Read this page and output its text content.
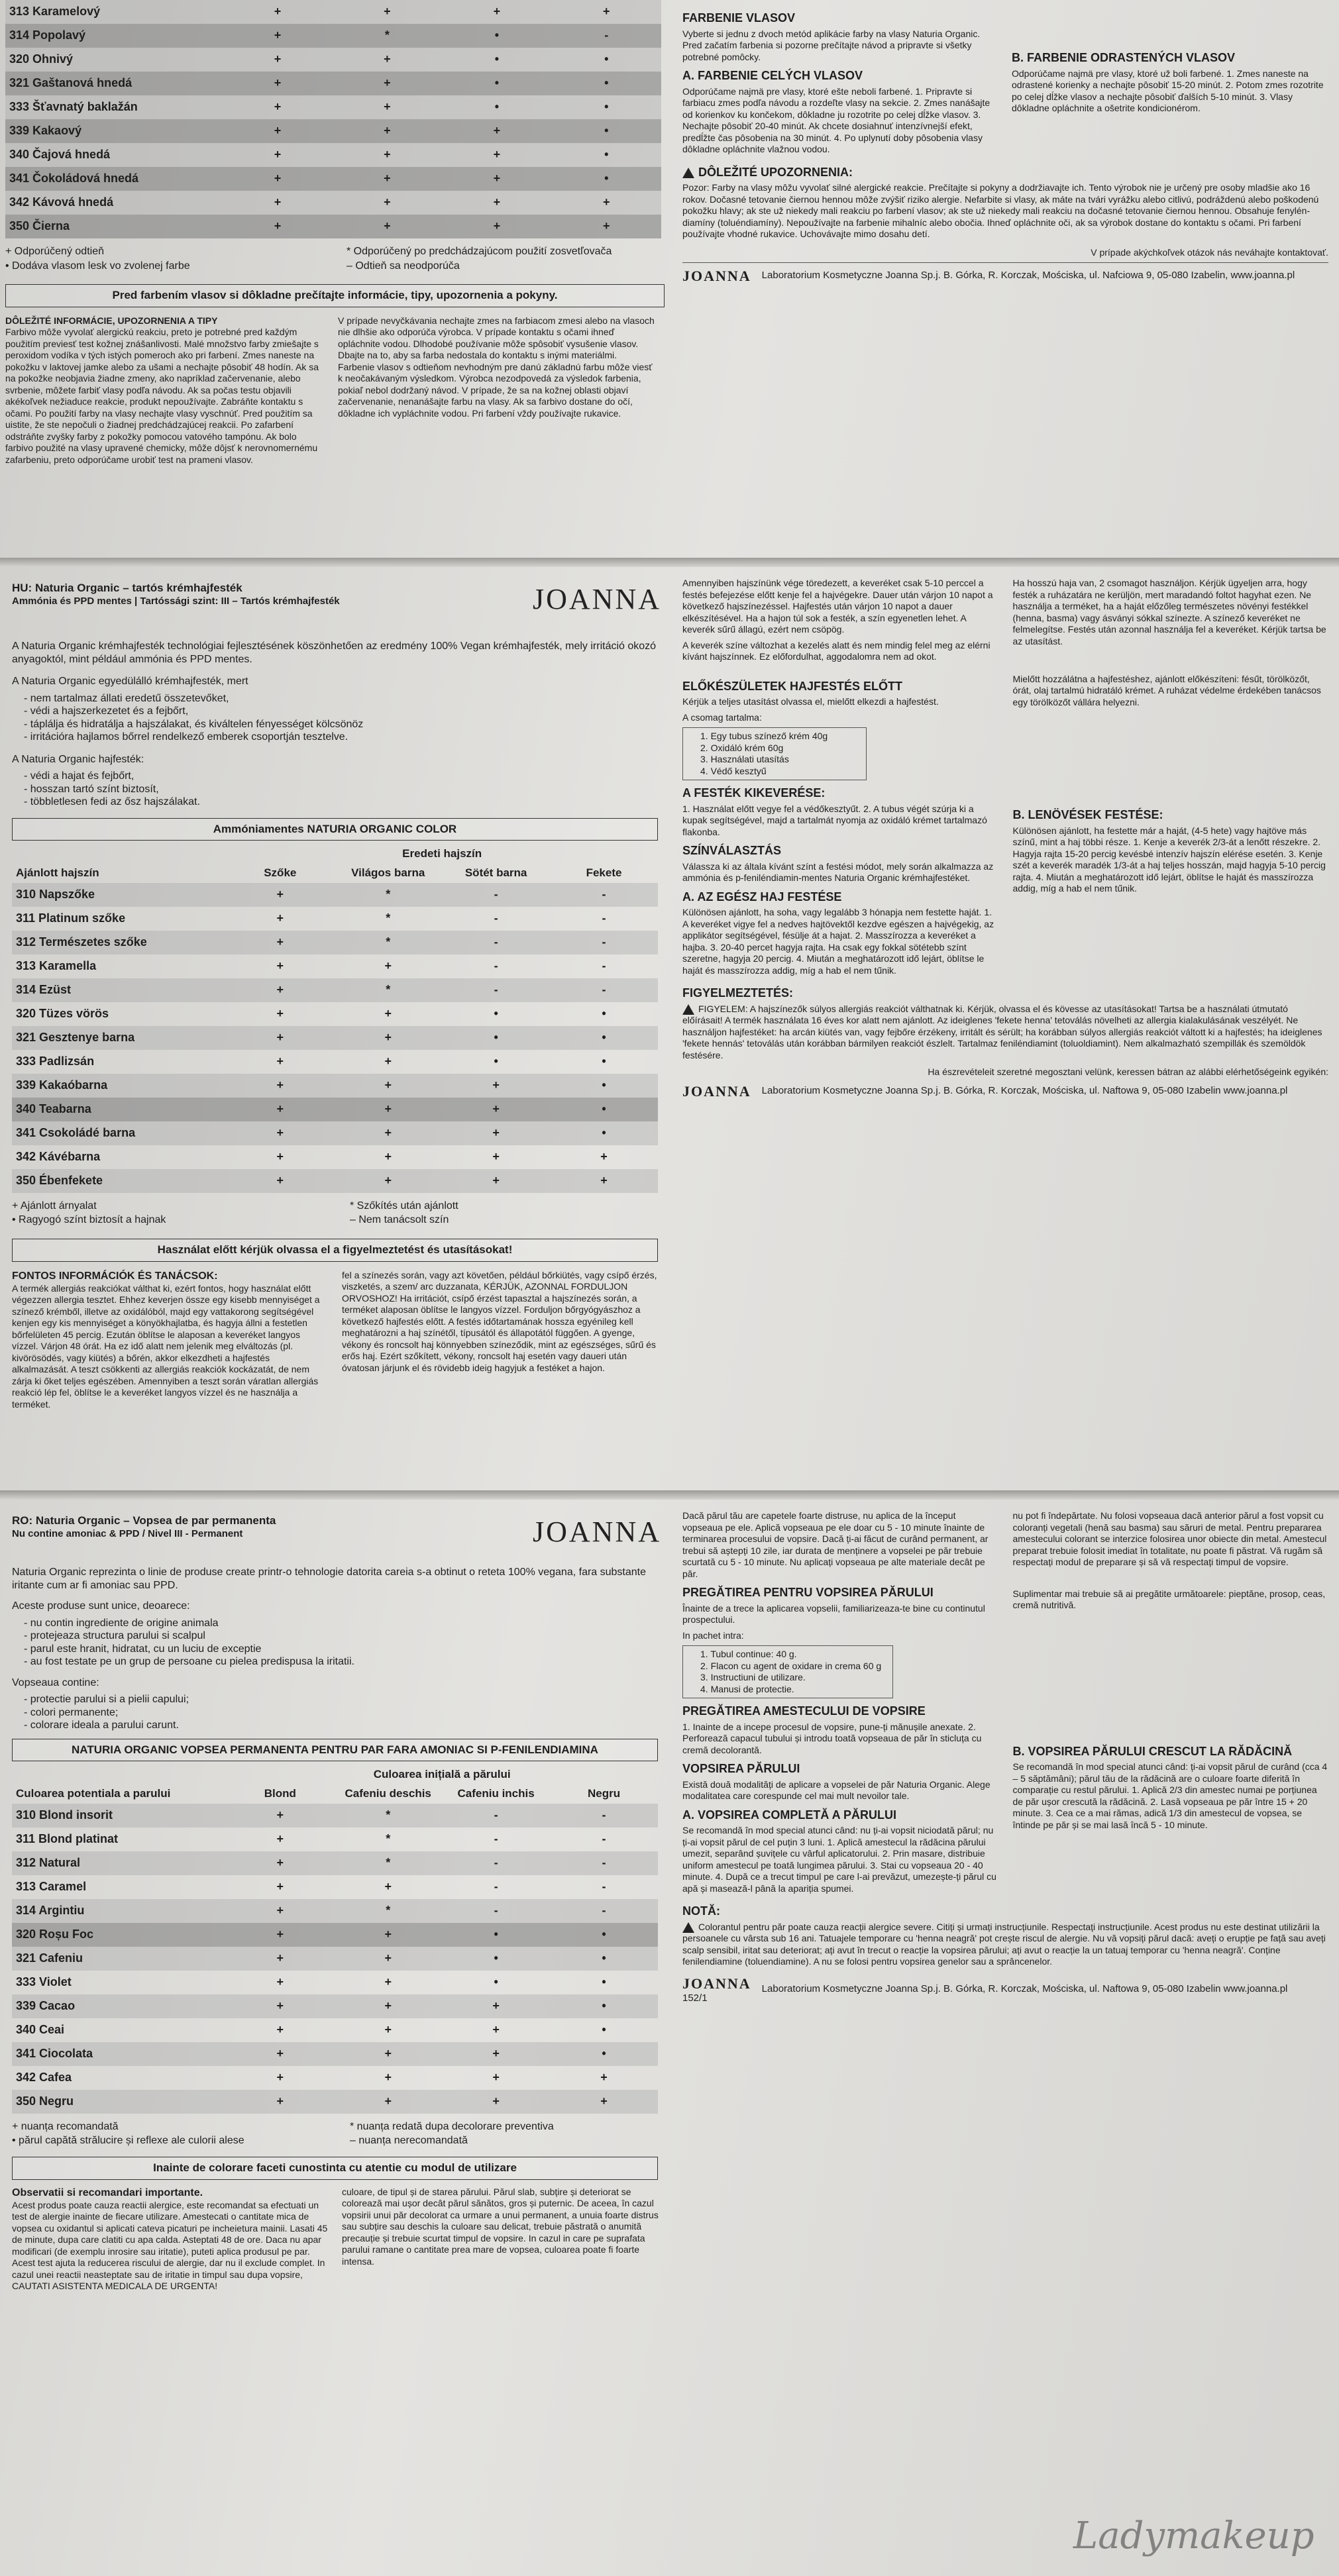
313 Karamelový	+	+	+	+
314 Popolavý	+	*	•	-
320 Ohnivý	+	+	•	•
321 Gaštanová hnedá	+	+	•	•
333 Šťavnatý baklažán	+	+	•	•
339 Kakaový	+	+	+	•
340 Čajová hnedá	+	+	+	•
341 Čokoládová hnedá	+	+	+	•
342 Kávová hnedá	+	+	+	+
350 Čierna	+	+	+	+
+ Odporúčený odtieň	* Odporúčený po predchádzajúcom použití zosvetľovača
• Dodáva vlasom lesk vo zvolenej farbe	– Odtieň sa neodporúča
Pred farbením vlasov si dôkladne prečítajte informácie, tipy, upozornenia a pokyny.
DÔLEŽITÉ INFORMÁCIE, UPOZORNENIA A TIPY
Farbivo môže vyvolať alergickú reakciu, preto je potrebné pred každým použitím previesť test kožnej znášanlivosti. Malé množstvo farby zmiešajte s peroxidom vodíka v tých istých pomeroch ako pri farbení. Zmes naneste na pokožku v laktovej jamke alebo za ušami a nechajte pôsobiť 48 hodín. Ak sa na pokožke neobjavia žiadne zmeny, ako napríklad začervenanie, alebo svrbenie, môžete farbiť vlasy podľa návodu. Ak sa počas testu objavili akékoľvek nežiaduce reakcie, produkt nepoužívajte. Zabráňte kontaktu s očami. Po použití farby na vlasy nechajte vlasy vyschnúť. Pred použitím sa uistite, že ste nepočuli o žiadnej predchádzajúcej reakcii. Po zafarbení odstráňte zvyšky farby z pokožky pomocou vatového tampónu. Ak bolo farbivo použité na vlasy upravené chemicky, môže dôjsť k nerovnomernému zafarbeniu, preto odporúčame urobiť test na prameni vlasov.
V prípade nevyčkávania nechajte zmes na farbiacom zmesi alebo na vlasoch nie dlhšie ako odporúča výrobca. V prípade kontaktu s očami ihneď opláchnite vodou. Dlhodobé používanie môže spôsobiť vysušenie vlasov. Dbajte na to, aby sa farba nedostala do kontaktu s inými materiálmi. Farbenie vlasov s odtieňom nevhodným pre danú základnú farbu môže viesť k neočakávaným výsledkom. Výrobca nezodpovedá za výsledok farbenia, pokiaľ nebol dodržaný návod. V prípade, že sa na kožnej oblasti objaví začervenanie, nenanášajte farbu na vlasy. Ak sa farbivo dostane do očí, dôkladne ich vypláchnite vodou. Pri farbení vždy používajte rukavice.
FARBENIE VLASOV
Vyberte si jednu z dvoch metód aplikácie farby na vlasy Naturia Organic. Pred začatím farbenia si pozorne prečítajte návod a pripravte si všetky potrebné pomôcky.
A. FARBENIE CELÝCH VLASOV
Odporúčame najmä pre vlasy, ktoré ešte neboli farbené. 1. Pripravte si farbiacu zmes podľa návodu a rozdeľte vlasy na sekcie. 2. Zmes nanášajte od korienkov ku končekom, dôkladne ju rozotrite po celej dĺžke vlasov. 3. Nechajte pôsobiť 20-40 minút. Ak chcete dosiahnuť intenzívnejší efekt, predĺžte čas pôsobenia na 30 minút. 4. Po uplynutí doby pôsobenia vlasy dôkladne opláchnite vlažnou vodou.
B. FARBENIE ODRASTENÝCH VLASOV
Odporúčame najmä pre vlasy, ktoré už boli farbené. 1. Zmes naneste na odrastené korienky a nechajte pôsobiť 15-20 minút. 2. Potom zmes rozotrite po celej dĺžke vlasov a nechajte pôsobiť ďalších 5-10 minút. 3. Vlasy dôkladne opláchnite a ošetrite kondicionérom.
DÔLEŽITÉ UPOZORNENIA:
Pozor: Farby na vlasy môžu vyvolať silné alergické reakcie. Prečítajte si pokyny a dodržiavajte ich. Tento výrobok nie je určený pre osoby mladšie ako 16 rokov. Dočasné tetovanie čiernou hennou môže zvýšiť riziko alergie. Nefarbite si vlasy, ak máte na tvári vyrážku alebo citlivú, podráždenú alebo poškodenú pokožku hlavy; ak ste už niekedy mali reakciu po farbení vlasov; ak ste už niekedy mali reakciu na dočasné tetovanie čiernou hennou. Obsahuje fenyléndiamíny (toluéndiamíny). Nepoužívajte na farbenie mihalníc alebo obočia. Ihneď opláchnite oči, ak sa výrobok dostane do kontaktu s očami. Pri farbení používajte vhodné rukavice. Uchovávajte mimo dosahu detí.
V prípade akýchkoľvek otázok nás neváhajte kontaktovať.
JOANNA Laboratorium Kosmetyczne Joanna Sp.j. B. Górka, R. Korczak, Mościska, ul. Nafciowa 9, 05-080 Izabelin, www.joanna.pl
HU: Naturia Organic – tartós krémhajfesték
Ammónia és PPD mentes | Tartóssági szint: III – Tartós krémhajfesték	JOANNA
A Naturia Organic krémhajfesték technológiai fejlesztésének köszönhetően az eredmény 100% Vegan krémhajfesték, mely irritáció okozó anyagoktól, mint például ammónia és PPD mentes.
A Naturia Organic egyedülálló krémhajfesték, mert
- nem tartalmaz állati eredetű összetevőket,
- védi a hajszerkezetet és a fejbőrt,
- táplálja és hidratálja a hajszálakat, és kiváltelen fényességet kölcsönöz
- irritációra hajlamos bőrrel rendelkező emberek csoportján tesztelve.
A Naturia Organic hajfesték:
- védi a hajat és fejbőrt,
- hosszan tartó színt biztosít,
- többletlesen fedi az ősz hajszálakat.
Ammóniamentes NATURIA ORGANIC COLOR
	Eredeti hajszín			
Ajánlott hajszín	Szőke	Világos barna	Sötét barna	Fekete
310 Napszőke	+	*	-	-
311 Platinum szőke	+	*	-	-
312 Természetes szőke	+	*	-	-
313 Karamella	+	+	-	-
314 Ezüst	+	*	-	-
320 Tüzes vörös	+	+	•	•
321 Gesztenye barna	+	+	•	•
333 Padlizsán	+	+	•	•
339 Kakaóbarna	+	+	+	•
340 Teabarna	+	+	+	•
341 Csokoládé barna	+	+	+	•
342 Kávébarna	+	+	+	+
350 Ébenfekete	+	+	+	+
+ Ajánlott árnyalat	* Szőkítés után ajánlott
• Ragyogó színt biztosít a hajnak	– Nem tanácsolt szín
Használat előtt kérjük olvassa el a figyelmeztetést és utasításokat!
FONTOS INFORMÁCIÓK ÉS TANÁCSOK:
A termék allergiás reakciókat válthat ki, ezért fontos, hogy használat előtt végezzen allergia tesztet. Ehhez keverjen össze egy kisebb mennyiséget a színező krémből, illetve az oxidálóból, majd egy vattakorong segítségével kenjen egy kis mennyiséget a könyökhajlatba, és hagyja állni a festetlen bőrfelületen 45 percig. Ezután öblítse le alaposan a keveréket langyos vízzel. Várjon 48 órát. Ha ez idő alatt nem jelenik meg elváltozás (pl. kivörösödés, vagy kiütés) a bőrén, akkor elkezdheti a hajfestés alkalmazását. A teszt csökkenti az allergiás reakciók kockázatát, de nem zárja ki őket teljes egészében. Amennyiben a teszt során váratlan allergiás reakció lép fel, öblítse le a keveréket langyos vízzel és ne használja a terméket.
fel a színezés során, vagy azt követően, például bőrkiütés, vagy csípő érzés, viszketés, a szem/ arc duzzanata, KÉRJÜK, AZONNAL FORDULJON ORVOSHOZ! Ha irritációt, csípő érzést tapasztal a hajszínezés során, a terméket alaposan öblítse le langyos vízzel. Forduljon bőrgyógyászhoz a következő hajfestés előtt. A festés időtartamának hossza egyénileg kell meghatározni a haj színétől, típusától és állapotától függően. A gyenge, vékony és roncsolt haj könnyebben színeződik, mint az egészséges, sűrű és erős haj. Ezért szőkített, vékony, roncsolt haj esetén vagy daueri után óvatosan járjunk el és rövidebb ideig hagyjuk a festéket a hajon.
Amennyiben hajszínünk vége töredezett, a keveréket csak 5-10 perccel a festés befejezése előtt kenje fel a hajvégekre. Dauer után várjon 10 napot a következő hajszínezéssel. Hajfestés után várjon 10 napot a dauer elkészítésével. Ha a hajon túl sok a festék, a szín egyenetlen lehet. A keverék sűrű állagú, ezért nem csöpög.
A keverék színe változhat a kezelés alatt és nem mindig felel meg az elérni kívánt hajszínnek. Ez előfordulhat, aggodalomra nem ad okot.
Ha hosszú haja van, 2 csomagot használjon. Kérjük ügyeljen arra, hogy festék a ruházatára ne kerüljön, mert maradandó foltot hagyhat ezen. Ne használja a terméket, ha a haját előzőleg természetes növényi festékkel (henna, basma) vagy ásványi sókkal színezte. A színező keveréket ne felmelegítse. Festés után azonnal használja fel a keveréket. Kérjük tartsa be az utasítást.
ELŐKÉSZÜLETEK HAJFESTÉS ELŐTT
Kérjük a teljes utasítást olvassa el, mielőtt elkezdi a hajfestést.
A csomag tartalma:
1. Egy tubus színező krém 40g
2. Oxidáló krém 60g
3. Használati utasítás
4. Védő kesztyű
A FESTÉK KIKEVERÉSE:
1. Használat előtt vegye fel a védőkesztyűt. 2. A tubus végét szúrja ki a kupak segítségével, majd a tartalmát nyomja az oxidáló krémet tartalmazó flakonba.
SZÍNVÁLASZTÁS
Válassza ki az általa kívánt színt a festési módot, mely során alkalmazza az ammónia és p-feniléndiamin-mentes Naturia Organic krémhajfestéket.
A. AZ EGÉSZ HAJ FESTÉSE
Különösen ajánlott, ha soha, vagy legalább 3 hónapja nem festette haját. 1. A keveréket vigye fel a nedves hajtövektől kezdve egészen a hajvégekig, az applikátor segítségével, fésülje át a hajat. 2. Masszírozza a keveréket a hajba. 3. 20-40 percet hagyja rajta. Ha csak egy fokkal sötétebb színt szeretne, hagyja 20 percig. 4. Miután a meghatározott idő lejárt, öblítse le haját és masszírozza addig, míg a hab el nem tűnik.
Mielőtt hozzálátna a hajfestéshez, ajánlott előkészíteni: fésűt, törölközőt, órát, olaj tartalmú hidratáló krémet. A ruházat védelme érdekében tanácsos egy törölközőt vállára helyezni.
B. LENÖVÉSEK FESTÉSE:
Különösen ajánlott, ha festette már a haját, (4-5 hete) vagy hajtöve más színű, mint a haj többi része. 1. Kenje a keverék 2/3-át a lenőtt részekre. 2. Hagyja rajta 15-20 percig kevésbé intenzív hajszín elérése esetén. 3. Kenje szét a keverék maradék 1/3-át a haj teljes hosszán, majd hagyja 5-10 percig rajta. 4. Miután a meghatározott idő lejárt, öblítse le haját és masszírozza addig, míg a hab el nem tűnik.
FIGYELMEZTETÉS:
FIGYELEM: A hajszínezők súlyos allergiás reakciót válthatnak ki. Kérjük, olvassa el és kövesse az utasításokat! Tartsa be a használati útmutató előírásait! A termék használata 16 éves kor alatt nem ajánlott. Az ideiglenes 'fekete henna' tetoválás növelheti az allergia kialakulásának veszélyét. Ne használjon hajfestéket: ha arcán kiütés van, vagy fejbőre érzékeny, irritált és sérült; ha korábban súlyos allergiás reakciót váltott ki a hajfestés; ha ideiglenes 'fekete hennás' tetoválás után korábban bármilyen reakciót észlelt. Tartalmaz feniléndiamint (toluoldiamint). Nem alkalmazható szempillák és szemöldök festésére.
Ha észrevételeit szeretné megosztani velünk, keressen bátran az alábbi elérhetőségeink egyikén:
JOANNA Laboratorium Kosmetyczne Joanna Sp.j. B. Górka, R. Korczak, Mościska, ul. Naftowa 9, 05-080 Izabelin www.joanna.pl
RO: Naturia Organic – Vopsea de par permanenta
Nu contine amoniac & PPD / Nivel III - Permanent	JOANNA
Naturia Organic reprezinta o linie de produse create printr-o tehnologie datorita careia s-a obtinut o reteta 100% vegana, fara substante iritante cum ar fi amoniac sau PPD.
Aceste produse sunt unice, deoarece:
- nu contin ingrediente de origine animala
- protejeaza structura parului si scalpul
- parul este hranit, hidratat, cu un luciu de exceptie
- au fost testate pe un grup de persoane cu pielea predispusa la iritatii.
Vopseaua contine:
- protectie parului si a pielii capului;
- colori permanente;
- colorare ideala a parului carunt.
NATURIA ORGANIC VOPSEA PERMANENTA PENTRU PAR FARA AMONIAC SI P-FENILENDIAMINA
	Culoarea inițială a părului			
Culoarea potentiala a parului	Blond	Cafeniu deschis	Cafeniu inchis	Negru
310 Blond insorit	+	*	-	-
311 Blond platinat	+	*	-	-
312 Natural	+	*	-	-
313 Caramel	+	+	-	-
314 Argintiu	+	*	-	-
320 Roșu Foc	+	+	•	•
321 Cafeniu	+	+	•	•
333 Violet	+	+	•	•
339 Cacao	+	+	+	•
340 Ceai	+	+	+	•
341 Ciocolata	+	+	+	•
342 Cafea	+	+	+	+
350 Negru	+	+	+	+
+ nuanța recomandată	* nuanța redată dupa decolorare preventiva
• părul capătă strălucire și reflexe ale culorii alese	– nuanța nerecomandată
Inainte de colorare faceti cunostinta cu atentie cu modul de utilizare
Observatii si recomandari importante.
Acest produs poate cauza reactii alergice, este recomandat sa efectuati un test de alergie inainte de fiecare utilizare. Amestecati o cantitate mica de vopsea cu oxidantul si aplicati cateva picaturi pe incheietura mainii. Lasati 45 de minute, dupa care clatiti cu apa calda. Asteptati 48 de ore. Daca nu apar modificari (de exemplu inrosire sau iritatie), puteti aplica produsul pe par. Acest test ajuta la reducerea riscului de alergie, dar nu il exclude complet. In cazul unei reactii neasteptate sau de iritatie in timpul sau dupa vopsire, CAUTATI ASISTENTA MEDICALA DE URGENTA!
culoare, de tipul și de starea părului. Părul slab, subțire și deteriorat se colorează mai ușor decât părul sănătos, gros și puternic. De aceea, în cazul vopsirii unui păr decolorat ca urmare a unui permanent, a unuia foarte distrus sau subțire sau deschis la culoare sau delicat, trebuie păstrată o anumită precauție și trebuie scurtat timpul de vopsire. In cazul in care pe suprafata parului ramane o cantitate prea mare de vopsea, culoarea poate fi foarte intensa.
Dacă părul tău are capetele foarte distruse, nu aplica de la început vopseaua pe ele. Aplică vopseaua pe ele doar cu 5 - 10 minute înainte de terminarea procesului de vopsire. Dacă ți-ai făcut de curând permanent, ar trebui să aștepți 10 zile, iar durata de menținere a vopselei pe păr trebuie scurtată cu 5 - 10 minute. Nu aplicați vopseaua pe alte materiale decât pe păr.
PREGĂTIREA PENTRU VOPSIREA PĂRULUI
Înainte de a trece la aplicarea vopselii, familiarizeaza-te bine cu continutul prospectului.
In pachet intra:
1. Tubul continue: 40 g.
2. Flacon cu agent de oxidare in crema 60 g
3. Instructiuni de utilizare.
4. Manusi de protectie.
PREGĂTIREA AMESTECULUI DE VOPSIRE
1. Inainte de a incepe procesul de vopsire, pune-ți mănușile anexate. 2. Perforează capacul tubului și introdu toată vopseaua de păr în sticluța cu cremă decolorantă.
VOPSIREA PĂRULUI
Există două modalități de aplicare a vopselei de păr Naturia Organic. Alege modalitatea care corespunde cel mai mult nevoilor tale.
A. VOPSIREA COMPLETĂ A PĂRULUI
Se recomandă în mod special atunci când: nu ți-ai vopsit niciodată părul; nu ți-ai vopsit părul de cel puțin 3 luni. 1. Aplică amestecul la rădăcina părului umezit, separând șuvițele cu vârful aplicatorului. 2. Prin masare, distribuie uniform amestecul pe toată lungimea părului. 3. Stai cu vopseaua 20 - 40 minute. 4. După ce a trecut timpul pe care l-ai prevăzut, umezește-ți părul cu apă și masează-l până la apariția spumei.
nu pot fi îndepărtate. Nu folosi vopseaua dacă anterior părul a fost vopsit cu coloranți vegetali (henă sau basma) sau săruri de metal. Pentru prepararea amestecului colorant se interzice folosirea unor obiecte din metal. Amestecul preparat trebuie folosit imediat în totalitate, nu poate fi păstrat. Vă rugăm să respectați modul de preparare și să vă respectați timpul de vopsire.
Suplimentar mai trebuie să ai pregătite următoarele: pieptăne, prosop, ceas, cremă nutritivă.
B. VOPSIREA PĂRULUI CRESCUT LA RĂDĂCINĂ
Se recomandă în mod special atunci când: ți-ai vopsit părul de curând (cca 4 – 5 săptămâni); părul tău de la rădăcină are o culoare foarte diferită în comparație cu restul părului. 1. Aplică 2/3 din amestec numai pe porțiunea de păr ușor crescută la rădăcină. 2. Lasă vopseaua pe păr între 15 + 20 minute. 3. Cea ce a mai rămas, adică 1/3 din amestecul de vopsea, se întinde pe păr și se mai lasă încă 5 - 10 minute.
NOTĂ:
Colorantul pentru păr poate cauza reacții alergice severe. Citiți și urmați instrucțiunile. Respectați instrucțiunile. Acest produs nu este destinat utilizării la persoanele cu vârsta sub 16 ani. Tatuajele temporare cu 'henna neagră' pot crește riscul de alergie. Nu vă vopsiți părul dacă: aveți o erupție pe față sau aveți scalp sensibil, iritat sau deteriorat; ați avut în trecut o reacție la vopsirea părului; ați avut o reacție la un tatuaj temporar cu 'henna neagră'. Conține fenilendiamine (toluendiamine). A nu se folosi pentru vopsirea genelor sau a sprâncenelor.
JOANNA
152/1
Laboratorium Kosmetyczne Joanna Sp.j. B. Górka, R. Korczak, Mościska, ul. Naftowa 9, 05-080 Izabelin www.joanna.pl
Ladymakeup
